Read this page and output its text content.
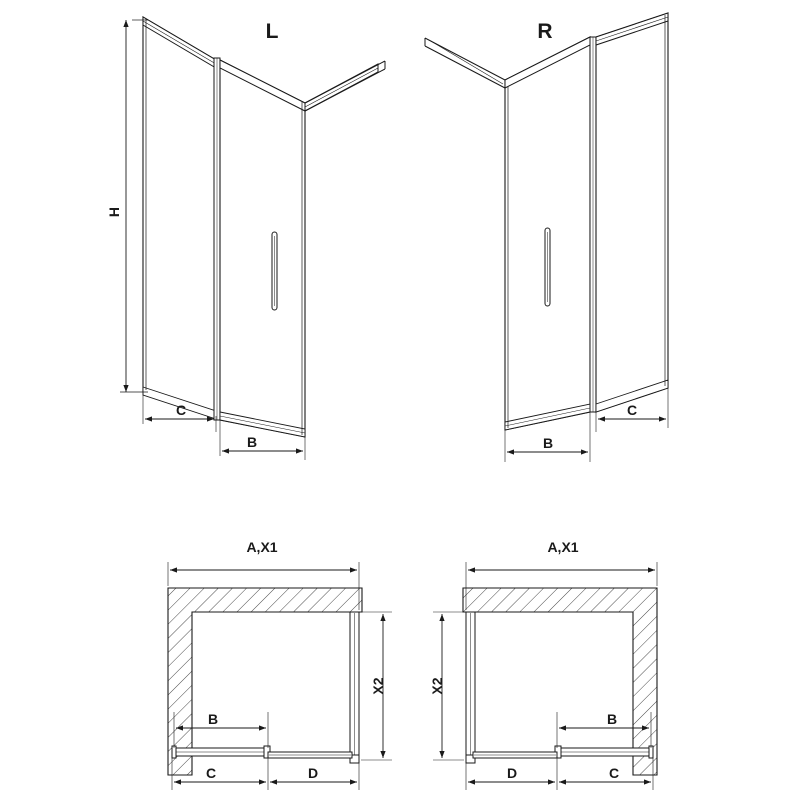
H
C
B
L
B
C
R
A,X1
X2
B
C	D
A,X1
X2
B
D	C
